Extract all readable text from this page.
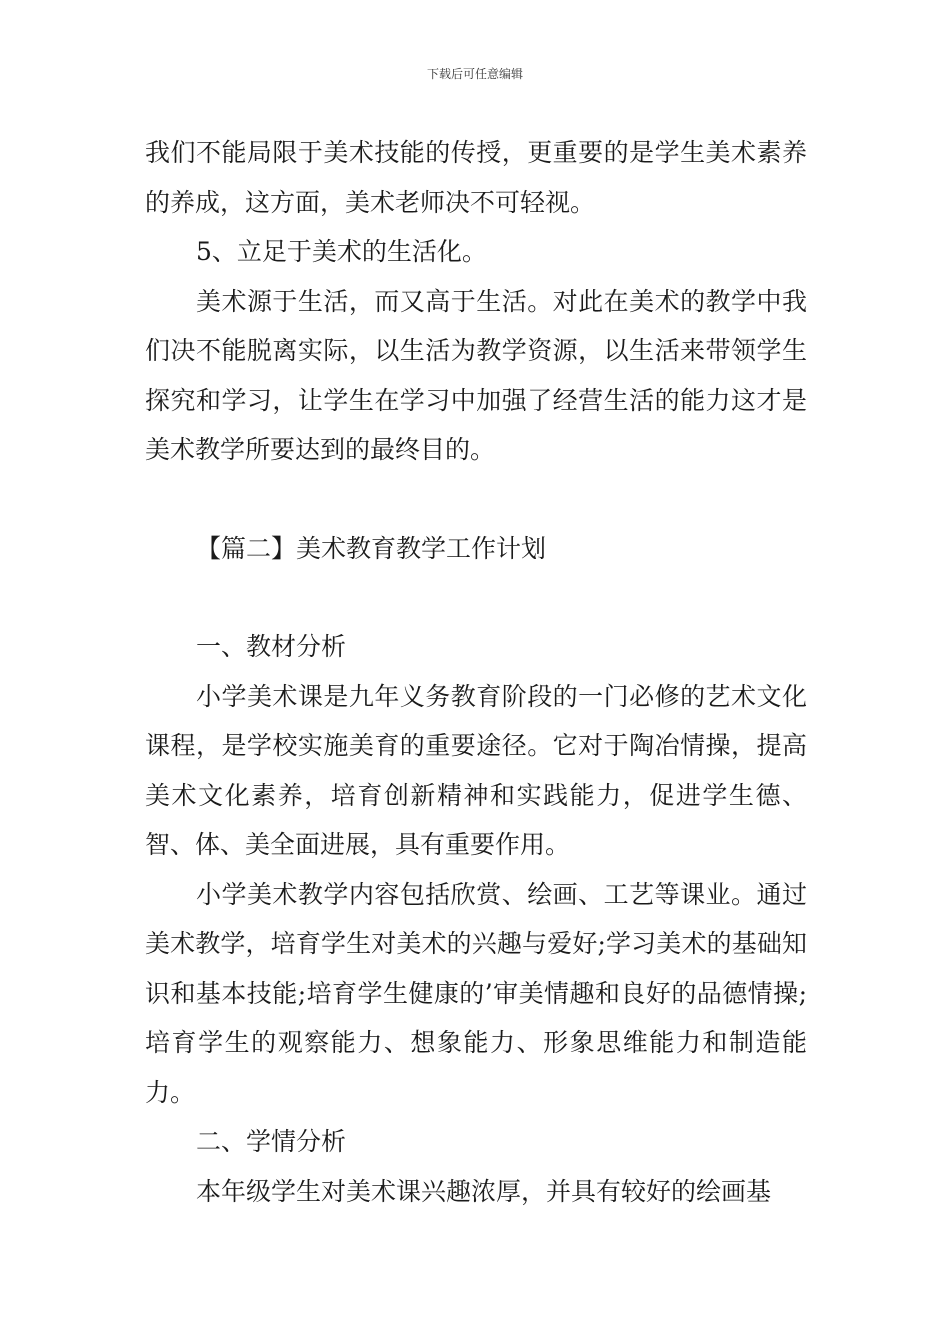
下载后可任意编辑

我们不能局限于美术技能的传授，更重要的是学生美术素养的养成，这方面，美术老师决不可轻视。

5、立足于美术的生活化。

美术源于生活，而又高于生活。对此在美术的教学中我们决不能脱离实际，以生活为教学资源，以生活来带领学生探究和学习，让学生在学习中加强了经营生活的能力这才是美术教学所要达到的最终目的。

【篇二】美术教育教学工作计划

一、教材分析

小学美术课是九年义务教育阶段的一门必修的艺术文化课程，是学校实施美育的重要途径。它对于陶冶情操，提高美术文化素养，培育创新精神和实践能力，促进学生德、智、体、美全面进展，具有重要作用。

小学美术教学内容包括欣赏、绘画、工艺等课业。通过美术教学，培育学生对美术的兴趣与爱好;学习美术的基础知识和基本技能;培育学生健康的’审美情趣和良好的品德情操;培育学生的观察能力、想象能力、形象思维能力和制造能力。

二、学情分析

本年级学生对美术课兴趣浓厚，并具有较好的绘画基
